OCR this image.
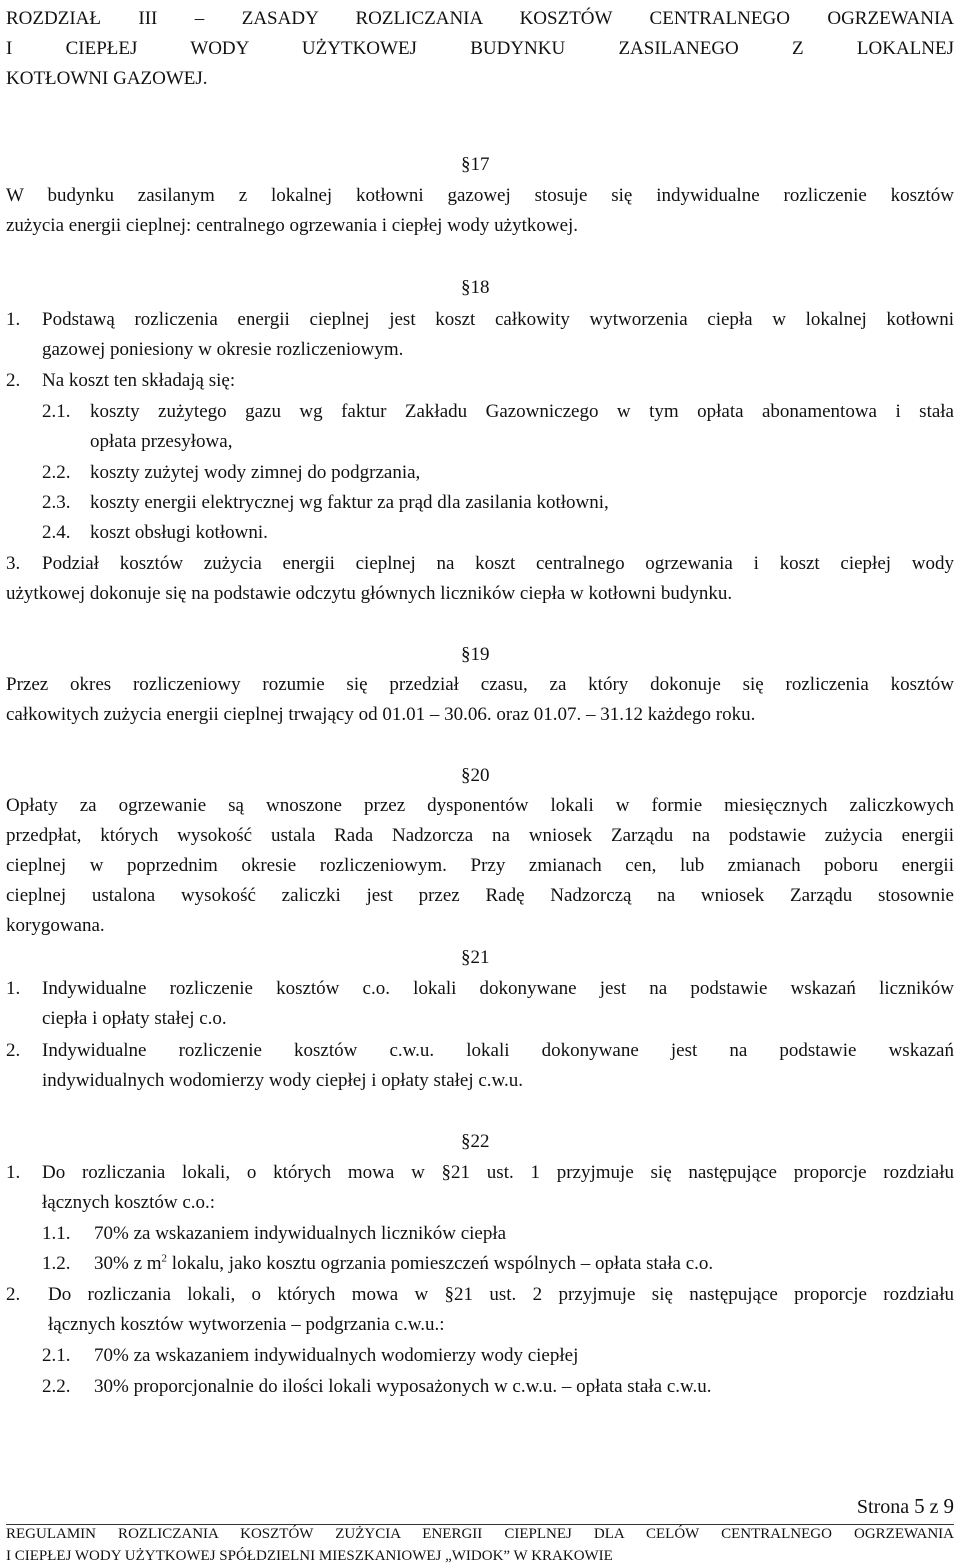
ROZDZIAŁ III – ZASADY ROZLICZANIA KOSZTÓW CENTRALNEGO OGRZEWANIA
I CIEPŁEJ WODY UŻYTKOWEJ BUDYNKU ZASILANEGO Z LOKALNEJ
KOTŁOWNI GAZOWEJ.
§17
W budynku zasilanym z lokalnej kotłowni gazowej stosuje się indywidualne rozliczenie kosztów
zużycia energii cieplnej: centralnego ogrzewania i ciepłej wody użytkowej.
§18
1. Podstawą rozliczenia energii cieplnej jest koszt całkowity wytworzenia ciepła w lokalnej kotłowni
gazowej poniesiony w okresie rozliczeniowym.
2. Na koszt ten składają się:
2.1. koszty zużytego gazu wg faktur Zakładu Gazowniczego w tym opłata abonamentowa i stała
opłata przesyłowa,
2.2. koszty zużytej wody zimnej do podgrzania,
2.3. koszty energii elektrycznej wg faktur za prąd dla zasilania kotłowni,
2.4. koszt obsługi kotłowni.
3. Podział kosztów zużycia energii cieplnej na koszt centralnego ogrzewania i koszt ciepłej wody
użytkowej dokonuje się na podstawie odczytu głównych liczników ciepła w kotłowni budynku.
§19
Przez okres rozliczeniowy rozumie się przedział czasu, za który dokonuje się rozliczenia kosztów
całkowitych zużycia energii cieplnej trwający od 01.01 – 30.06. oraz 01.07. – 31.12 każdego roku.
§20
Opłaty za ogrzewanie są wnoszone przez dysponentów lokali w formie miesięcznych zaliczkowych
przedpłat, których wysokość ustala Rada Nadzorcza na wniosek Zarządu na podstawie zużycia energii
cieplnej w poprzednim okresie rozliczeniowym. Przy zmianach cen, lub zmianach poboru energii
cieplnej ustalona wysokość zaliczki jest przez Radę Nadzorczą na wniosek Zarządu stosownie
korygowana.
§21
1. Indywidualne rozliczenie kosztów c.o. lokali dokonywane jest na podstawie wskazań liczników
ciepła i opłaty stałej c.o.
2. Indywidualne rozliczenie kosztów c.w.u. lokali dokonywane jest na podstawie wskazań
indywidualnych wodomierzy wody ciepłej i opłaty stałej c.w.u.
§22
1. Do rozliczania lokali, o których mowa w §21 ust. 1 przyjmuje się następujące proporcje rozdziału
łącznych kosztów c.o.:
1.1. 70% za wskazaniem indywidualnych liczników ciepła
1.2. 30% z $m^2$ lokalu, jako kosztu ogrzania pomieszczeń wspólnych – opłata stała c.o.
2. Do rozliczania lokali, o których mowa w §21 ust. 2 przyjmuje się następujące proporcje rozdziału
łącznych kosztów wytworzenia – podgrzania c.w.u.:
2.1. 70% za wskazaniem indywidualnych wodomierzy wody ciepłej
2.2. 30% proporcjonalnie do ilości lokali wyposażonych w c.w.u. – opłata stała c.w.u.
Strona 5 z 9
REGULAMIN ROZLICZANIA KOSZTÓW ZUŻYCIA ENERGII CIEPLNEJ DLA CELÓW CENTRALNEGO OGRZEWANIA
I CIEPŁEJ WODY UŻYTKOWEJ SPÓŁDZIELNI MIESZKANIOWEJ „WIDOK” W KRAKOWIE
